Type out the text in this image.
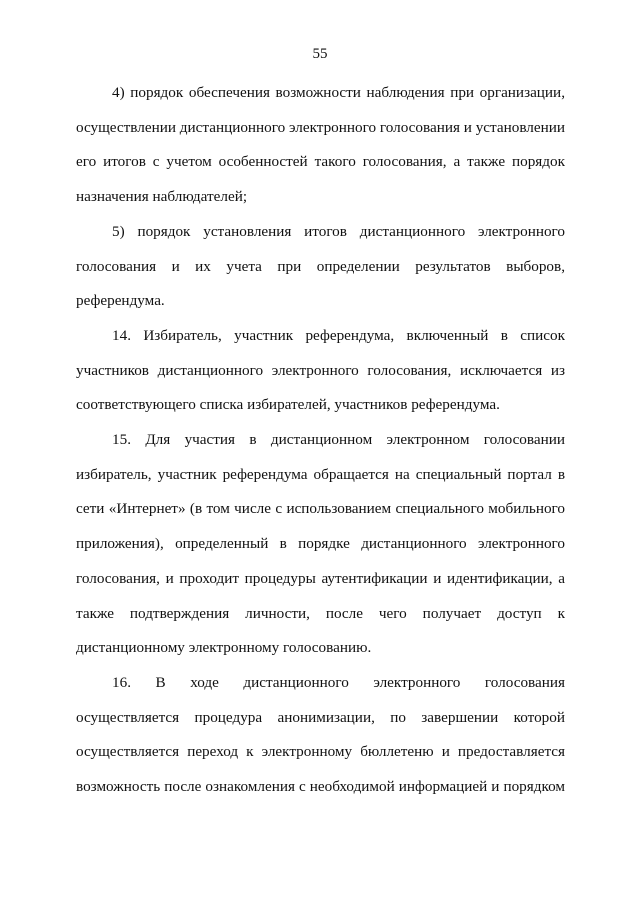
55

4) порядок обеспечения возможности наблюдения при организации,
осуществлении дистанционного электронного голосования и установлении
его итогов с учетом особенностей такого голосования, а также порядок
назначения наблюдателей;

5) порядок установления итогов дистанционного электронного
голосования и их учета при определении результатов выборов,
референдума.

14. Избиратель, участник референдума, включенный в список
участников дистанционного электронного голосования, исключается из
соответствующего списка избирателей, участников референдума.

15. Для участия в дистанционном электронном голосовании
избиратель, участник референдума обращается на специальный портал в
сети «Интернет» (в том числе с использованием специального мобильного
приложения), определенный в порядке дистанционного электронного
голосования, и проходит процедуры аутентификации и идентификации, а
также подтверждения личности, после чего получает доступ к
дистанционному электронному голосованию.

16. В ходе дистанционного электронного голосования
осуществляется процедура анонимизации, по завершении которой
осуществляется переход к электронному бюллетеню и предоставляется
возможность после ознакомления с необходимой информацией и порядком
